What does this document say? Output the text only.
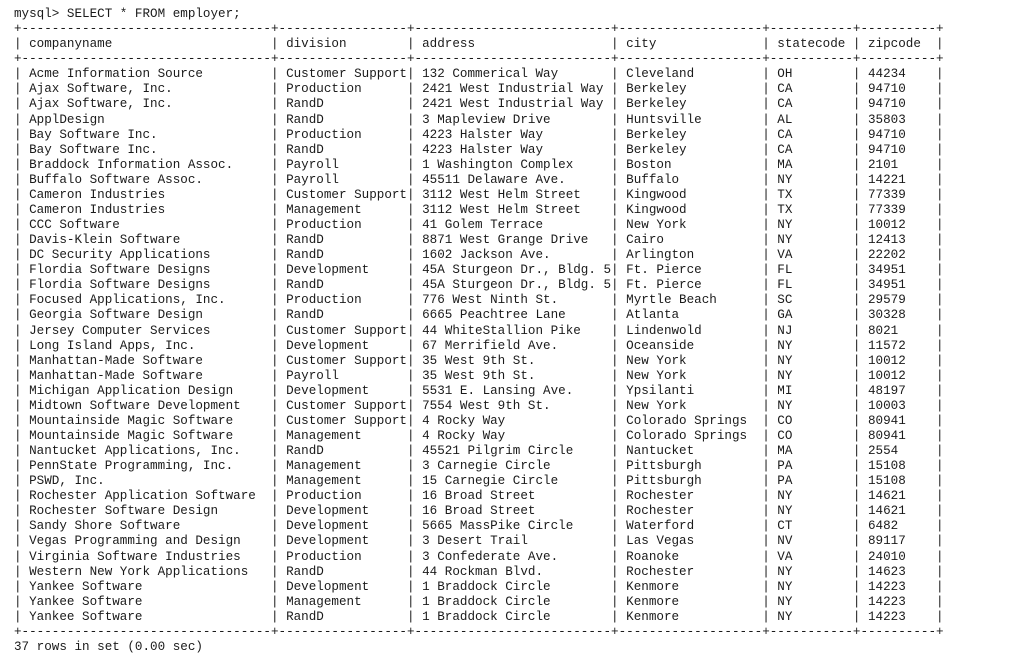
mysql> SELECT * FROM employer;
+---------------------------------+-----------------+--------------------------+-------------------+-----------+----------+
| companyname                     | division        | address                  | city              | statecode | zipcode  |
+---------------------------------+-----------------+--------------------------+-------------------+-----------+----------+
| Acme Information Source         | Customer Support| 132 Commerical Way       | Cleveland         | OH        | 44234    |
| Ajax Software, Inc.             | Production      | 2421 West Industrial Way | Berkeley          | CA        | 94710    |
| Ajax Software, Inc.             | RandD           | 2421 West Industrial Way | Berkeley          | CA        | 94710    |
| ApplDesign                      | RandD           | 3 Mapleview Drive        | Huntsville        | AL        | 35803    |
| Bay Software Inc.               | Production      | 4223 Halster Way         | Berkeley          | CA        | 94710    |
| Bay Software Inc.               | RandD           | 4223 Halster Way         | Berkeley          | CA        | 94710    |
| Braddock Information Assoc.     | Payroll         | 1 Washington Complex     | Boston            | MA        | 2101     |
| Buffalo Software Assoc.         | Payroll         | 45511 Delaware Ave.      | Buffalo           | NY        | 14221    |
| Cameron Industries              | Customer Support| 3112 West Helm Street    | Kingwood          | TX        | 77339    |
| Cameron Industries              | Management      | 3112 West Helm Street    | Kingwood          | TX        | 77339    |
| CCC Software                    | Production      | 41 Golem Terrace         | New York          | NY        | 10012    |
| Davis-Klein Software            | RandD           | 8871 West Grange Drive   | Cairo             | NY        | 12413    |
| DC Security Applications        | RandD           | 1602 Jackson Ave.        | Arlington         | VA        | 22202    |
| Flordia Software Designs        | Development     | 45A Sturgeon Dr., Bldg. 5| Ft. Pierce        | FL        | 34951    |
| Flordia Software Designs        | RandD           | 45A Sturgeon Dr., Bldg. 5| Ft. Pierce        | FL        | 34951    |
| Focused Applications, Inc.      | Production      | 776 West Ninth St.       | Myrtle Beach      | SC        | 29579    |
| Georgia Software Design         | RandD           | 6665 Peachtree Lane      | Atlanta           | GA        | 30328    |
| Jersey Computer Services        | Customer Support| 44 WhiteStallion Pike    | Lindenwold        | NJ        | 8021     |
| Long Island Apps, Inc.          | Development     | 67 Merrifield Ave.       | Oceanside         | NY        | 11572    |
| Manhattan-Made Software         | Customer Support| 35 West 9th St.          | New York          | NY        | 10012    |
| Manhattan-Made Software         | Payroll         | 35 West 9th St.          | New York          | NY        | 10012    |
| Michigan Application Design     | Development     | 5531 E. Lansing Ave.     | Ypsilanti         | MI        | 48197    |
| Midtown Software Development    | Customer Support| 7554 West 9th St.        | New York          | NY        | 10003    |
| Mountainside Magic Software     | Customer Support| 4 Rocky Way              | Colorado Springs  | CO        | 80941    |
| Mountainside Magic Software     | Management      | 4 Rocky Way              | Colorado Springs  | CO        | 80941    |
| Nantucket Applications, Inc.    | RandD           | 45521 Pilgrim Circle     | Nantucket         | MA        | 2554     |
| PennState Programming, Inc.     | Management      | 3 Carnegie Circle        | Pittsburgh        | PA        | 15108    |
| PSWD, Inc.                      | Management      | 15 Carnegie Circle       | Pittsburgh        | PA        | 15108    |
| Rochester Application Software  | Production      | 16 Broad Street          | Rochester         | NY        | 14621    |
| Rochester Software Design       | Development     | 16 Broad Street          | Rochester         | NY        | 14621    |
| Sandy Shore Software            | Development     | 5665 MassPike Circle     | Waterford         | CT        | 6482     |
| Vegas Programming and Design    | Development     | 3 Desert Trail           | Las Vegas         | NV        | 89117    |
| Virginia Software Industries    | Production      | 3 Confederate Ave.       | Roanoke           | VA        | 24010    |
| Western New York Applications   | RandD           | 44 Rockman Blvd.         | Rochester         | NY        | 14623    |
| Yankee Software                 | Development     | 1 Braddock Circle        | Kenmore           | NY        | 14223    |
| Yankee Software                 | Management      | 1 Braddock Circle        | Kenmore           | NY        | 14223    |
| Yankee Software                 | RandD           | 1 Braddock Circle        | Kenmore           | NY        | 14223    |
+---------------------------------+-----------------+--------------------------+-------------------+-----------+----------+
37 rows in set (0.00 sec)
